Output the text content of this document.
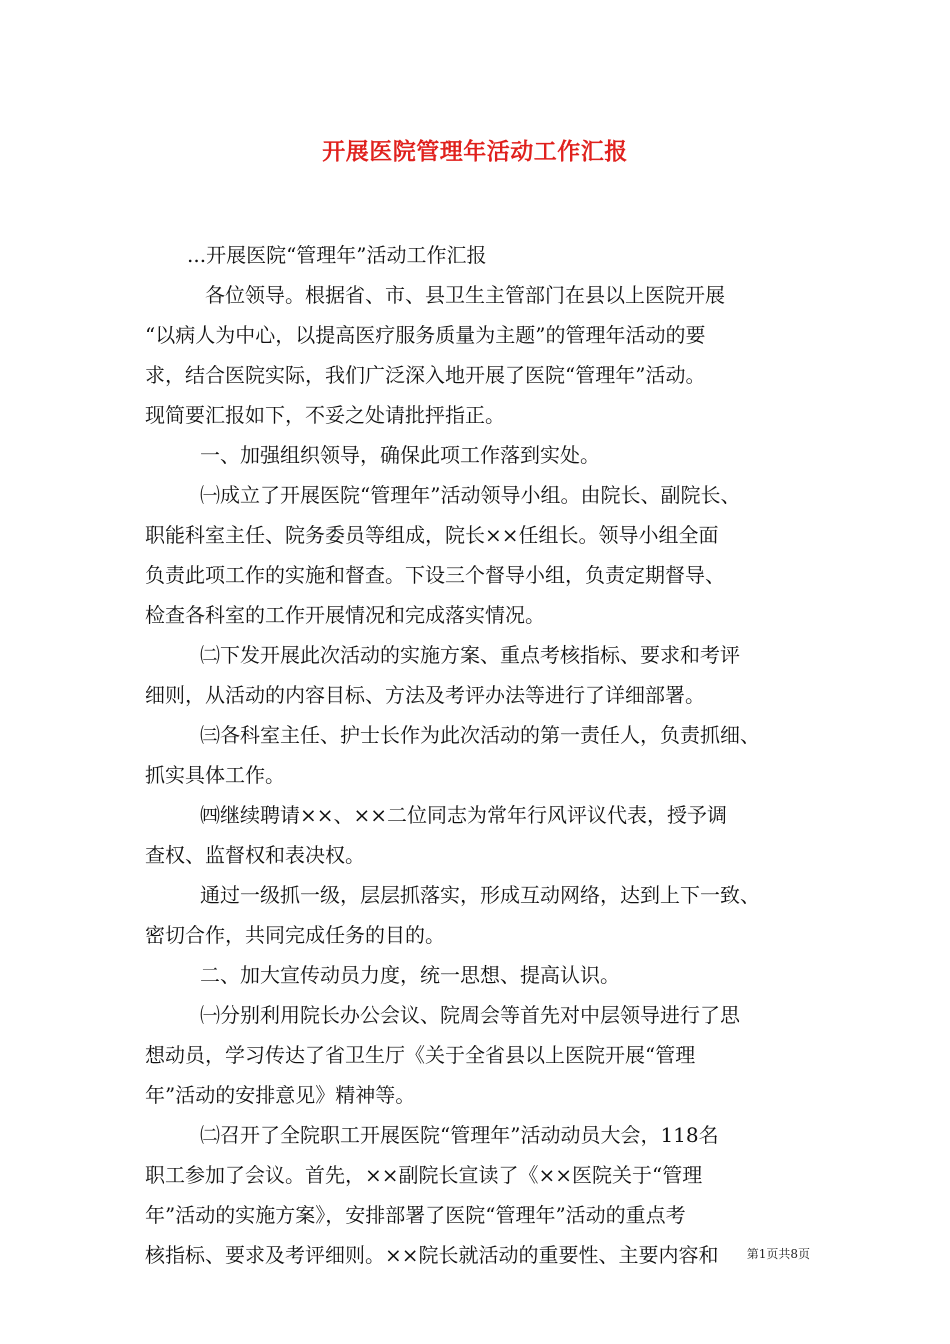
开展医院管理年活动工作汇报
...开展医院“管理年”活动工作汇报
各位领导。根据省、市、县卫生主管部门在县以上医院开展
“以病人为中心，以提高医疗服务质量为主题”的管理年活动的要
求，结合医院实际，我们广泛深入地开展了医院“管理年”活动。
现简要汇报如下，不妥之处请批抨指正。
一、加强组织领导，确保此项工作落到实处。
㈠成立了开展医院“管理年”活动领导小组。由院长、副院长、
职能科室主任、院务委员等组成，院长××任组长。领导小组全面
负责此项工作的实施和督查。下设三个督导小组，负责定期督导、
检查各科室的工作开展情况和完成落实情况。
㈡下发开展此次活动的实施方案、重点考核指标、要求和考评
细则，从活动的内容目标、方法及考评办法等进行了详细部署。
㈢各科室主任、护士长作为此次活动的第一责任人，负责抓细、
抓实具体工作。
㈣继续聘请××、××二位同志为常年行风评议代表，授予调
查权、监督权和表决权。
通过一级抓一级，层层抓落实，形成互动网络，达到上下一致、
密切合作，共同完成任务的目的。
二、加大宣传动员力度，统一思想、提高认识。
㈠分别利用院长办公会议、院周会等首先对中层领导进行了思
想动员，学习传达了省卫生厅《关于全省县以上医院开展“管理
年”活动的安排意见》精神等。
㈡召开了全院职工开展医院“管理年”活动动员大会，118名
职工参加了会议。首先，××副院长宣读了《××医院关于“管理
年”活动的实施方案》，安排部署了医院“管理年”活动的重点考
核指标、要求及考评细则。××院长就活动的重要性、主要内容和	第1页共8页
